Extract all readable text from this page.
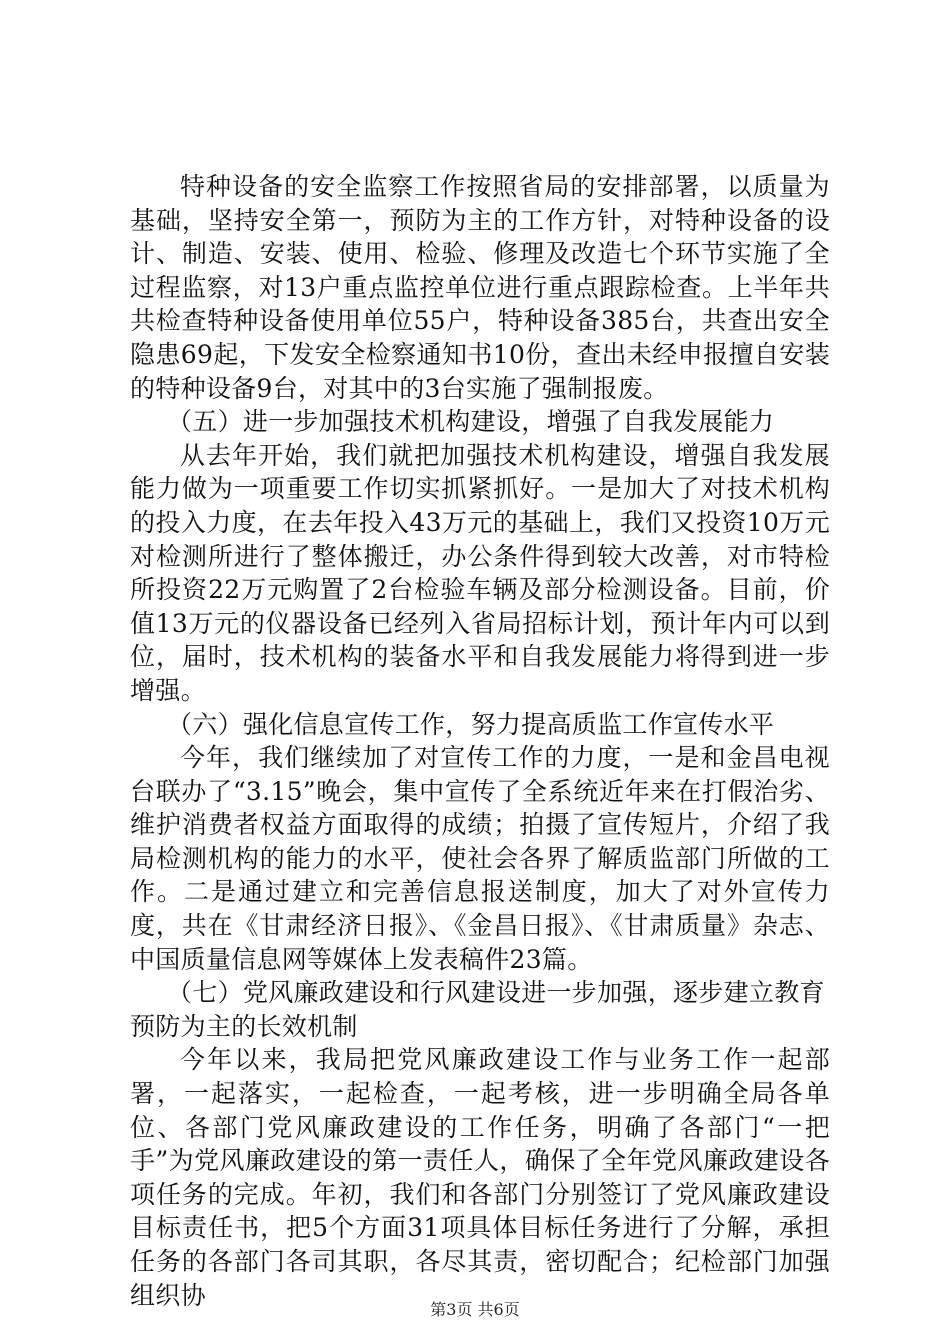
特种设备的安全监察工作按照省局的安排部署，以质量为基础，坚持安全第一，预防为主的工作方针，对特种设备的设计、制造、安装、使用、检验、修理及改造七个环节实施了全过程监察，对13户重点监控单位进行重点跟踪检查。上半年共共检查特种设备使用单位55户，特种设备385台，共查出安全隐患69起，下发安全检察通知书10份，查出未经申报擅自安装的特种设备9台，对其中的3台实施了强制报废。

（五）进一步加强技术机构建设，增强了自我发展能力

从去年开始，我们就把加强技术机构建设，增强自我发展能力做为一项重要工作切实抓紧抓好。一是加大了对技术机构的投入力度，在去年投入43万元的基础上，我们又投资10万元对检测所进行了整体搬迁，办公条件得到较大改善，对市特检所投资22万元购置了2台检验车辆及部分检测设备。目前，价值13万元的仪器设备已经列入省局招标计划，预计年内可以到位，届时，技术机构的装备水平和自我发展能力将得到进一步增强。

（六）强化信息宣传工作，努力提高质监工作宣传水平

今年，我们继续加了对宣传工作的力度，一是和金昌电视台联办了“3.15”晚会，集中宣传了全系统近年来在打假治劣、维护消费者权益方面取得的成绩；拍摄了宣传短片，介绍了我局检测机构的能力的水平，使社会各界了解质监部门所做的工作。二是通过建立和完善信息报送制度，加大了对外宣传力度，共在《甘肃经济日报》、《金昌日报》、《甘肃质量》杂志、中国质量信息网等媒体上发表稿件23篇。

（七）党风廉政建设和行风建设进一步加强，逐步建立教育预防为主的长效机制

今年以来，我局把党风廉政建设工作与业务工作一起部署，一起落实，一起检查，一起考核，进一步明确全局各单位、各部门党风廉政建设的工作任务，明确了各部门“一把手”为党风廉政建设的第一责任人，确保了全年党风廉政建设各项任务的完成。年初，我们和各部门分别签订了党风廉政建设目标责任书，把5个方面31项具体目标任务进行了分解，承担任务的各部门各司其职，各尽其责，密切配合；纪检部门加强组织协	第3页 共6页
